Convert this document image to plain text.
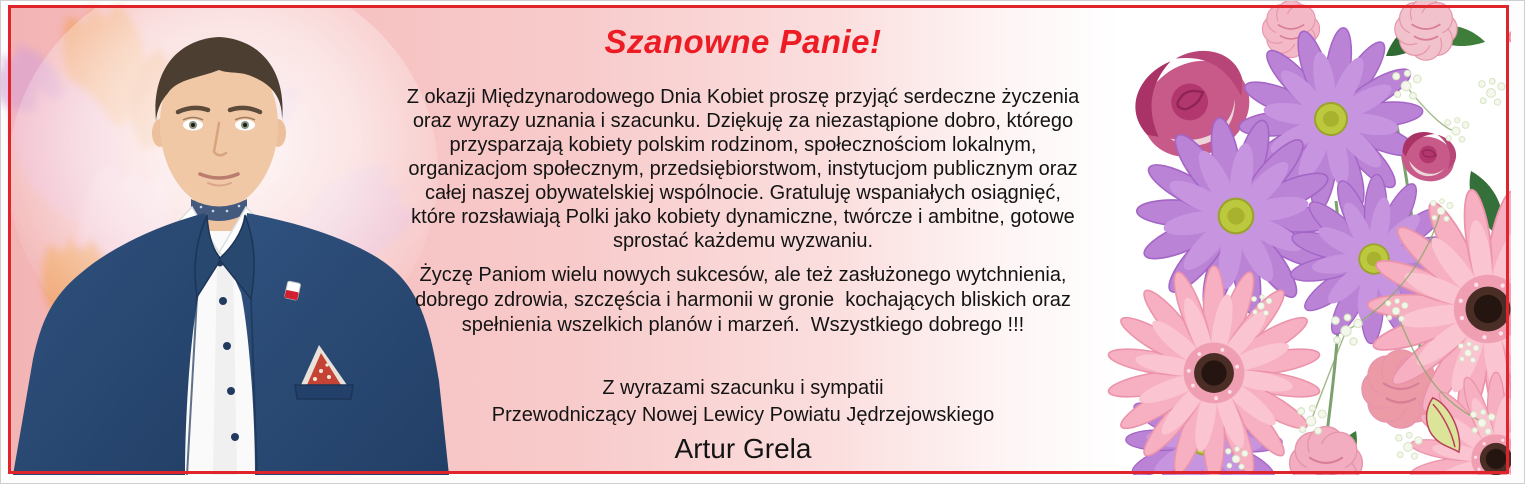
Szanowne Panie!
Z okazji Międzynarodowego Dnia Kobiet proszę przyjąć serdeczne życzenia
oraz wyrazy uznania i szacunku. Dziękuję za niezastąpione dobro, którego
przysparzają kobiety polskim rodzinom, społecznościom lokalnym,
organizacjom społecznym, przedsiębiorstwom, instytucjom publicznym oraz
całej naszej obywatelskiej wspólnocie. Gratuluję wspaniałych osiągnięć,
które rozsławiają Polki jako kobiety dynamiczne, twórcze i ambitne, gotowe
sprostać każdemu wyzwaniu.
Życzę Paniom wielu nowych sukcesów, ale też zasłużonego wytchnienia,
dobrego zdrowia, szczęścia i harmonii w gronie  kochających bliskich oraz
spełnienia wszelkich planów i marzeń.  Wszystkiego dobrego !!!
Z wyrazami szacunku i sympatii
Przewodniczący Nowej Lewicy Powiatu Jędrzejowskiego
Artur Grela
